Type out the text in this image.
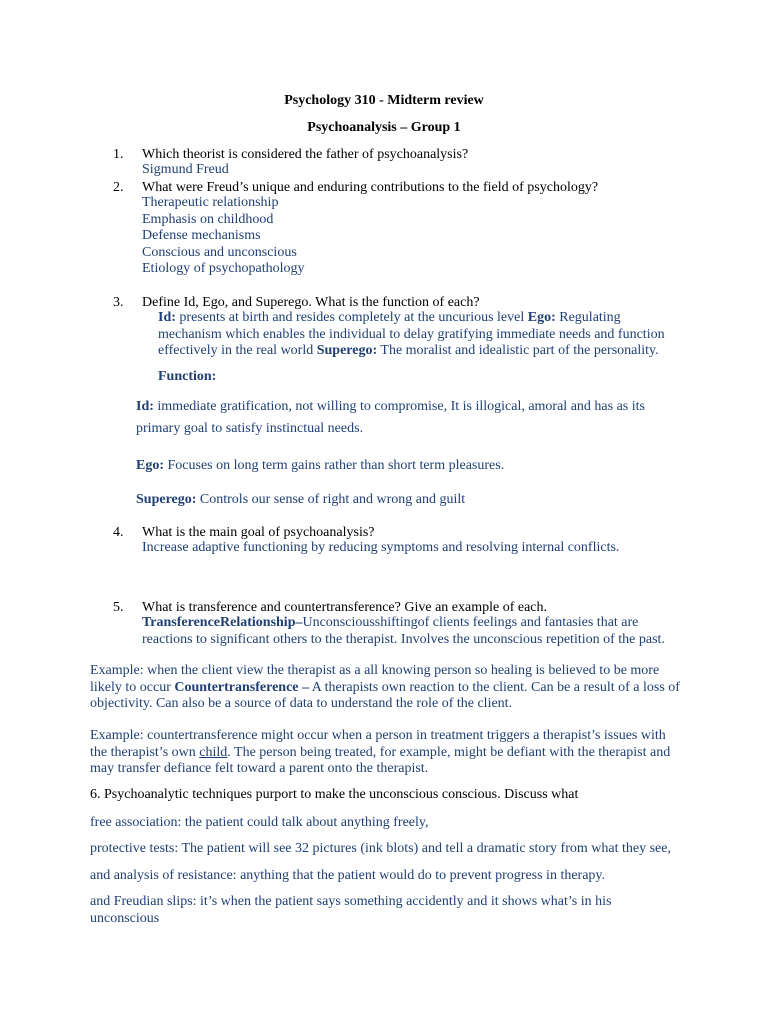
Psychology 310 - Midterm review
Psychoanalysis – Group 1
1. Which theorist is considered the father of psychoanalysis?
Sigmund Freud
2. What were Freud’s unique and enduring contributions to the field of psychology?
Therapeutic relationship
Emphasis on childhood
Defense mechanisms
Conscious and unconscious
Etiology of psychopathology
3. Define Id, Ego, and Superego. What is the function of each?
Id: presents at birth and resides completely at the uncurious level Ego: Regulating
mechanism which enables the individual to delay gratifying immediate needs and function
effectively in the real world Superego: The moralist and idealistic part of the personality.
Function:
Id: immediate gratification, not willing to compromise, It is illogical, amoral and has as its
primary goal to satisfy instinctual needs.
Ego: Focuses on long term gains rather than short term pleasures.
Superego: Controls our sense of right and wrong and guilt
4. What is the main goal of psychoanalysis?
Increase adaptive functioning by reducing symptoms and resolving internal conflicts.
5. What is transference and countertransference? Give an example of each.
TransferenceRelationship–Unconsciousshiftingof clients feelings and fantasies that are
reactions to significant others to the therapist. Involves the unconscious repetition of the past.
Example: when the client view the therapist as a all knowing person so healing is believed to be more
likely to occur Countertransference – A therapists own reaction to the client. Can be a result of a loss of
objectivity. Can also be a source of data to understand the role of the client.
Example: countertransference might occur when a person in treatment triggers a therapist’s issues with
the therapist’s own child. The person being treated, for example, might be defiant with the therapist and
may transfer defiance felt toward a parent onto the therapist.
6. Psychoanalytic techniques purport to make the unconscious conscious. Discuss what
free association: the patient could talk about anything freely,
protective tests: The patient will see 32 pictures (ink blots) and tell a dramatic story from what they see,
and analysis of resistance: anything that the patient would do to prevent progress in therapy.
and Freudian slips: it’s when the patient says something accidently and it shows what’s in his
unconscious
